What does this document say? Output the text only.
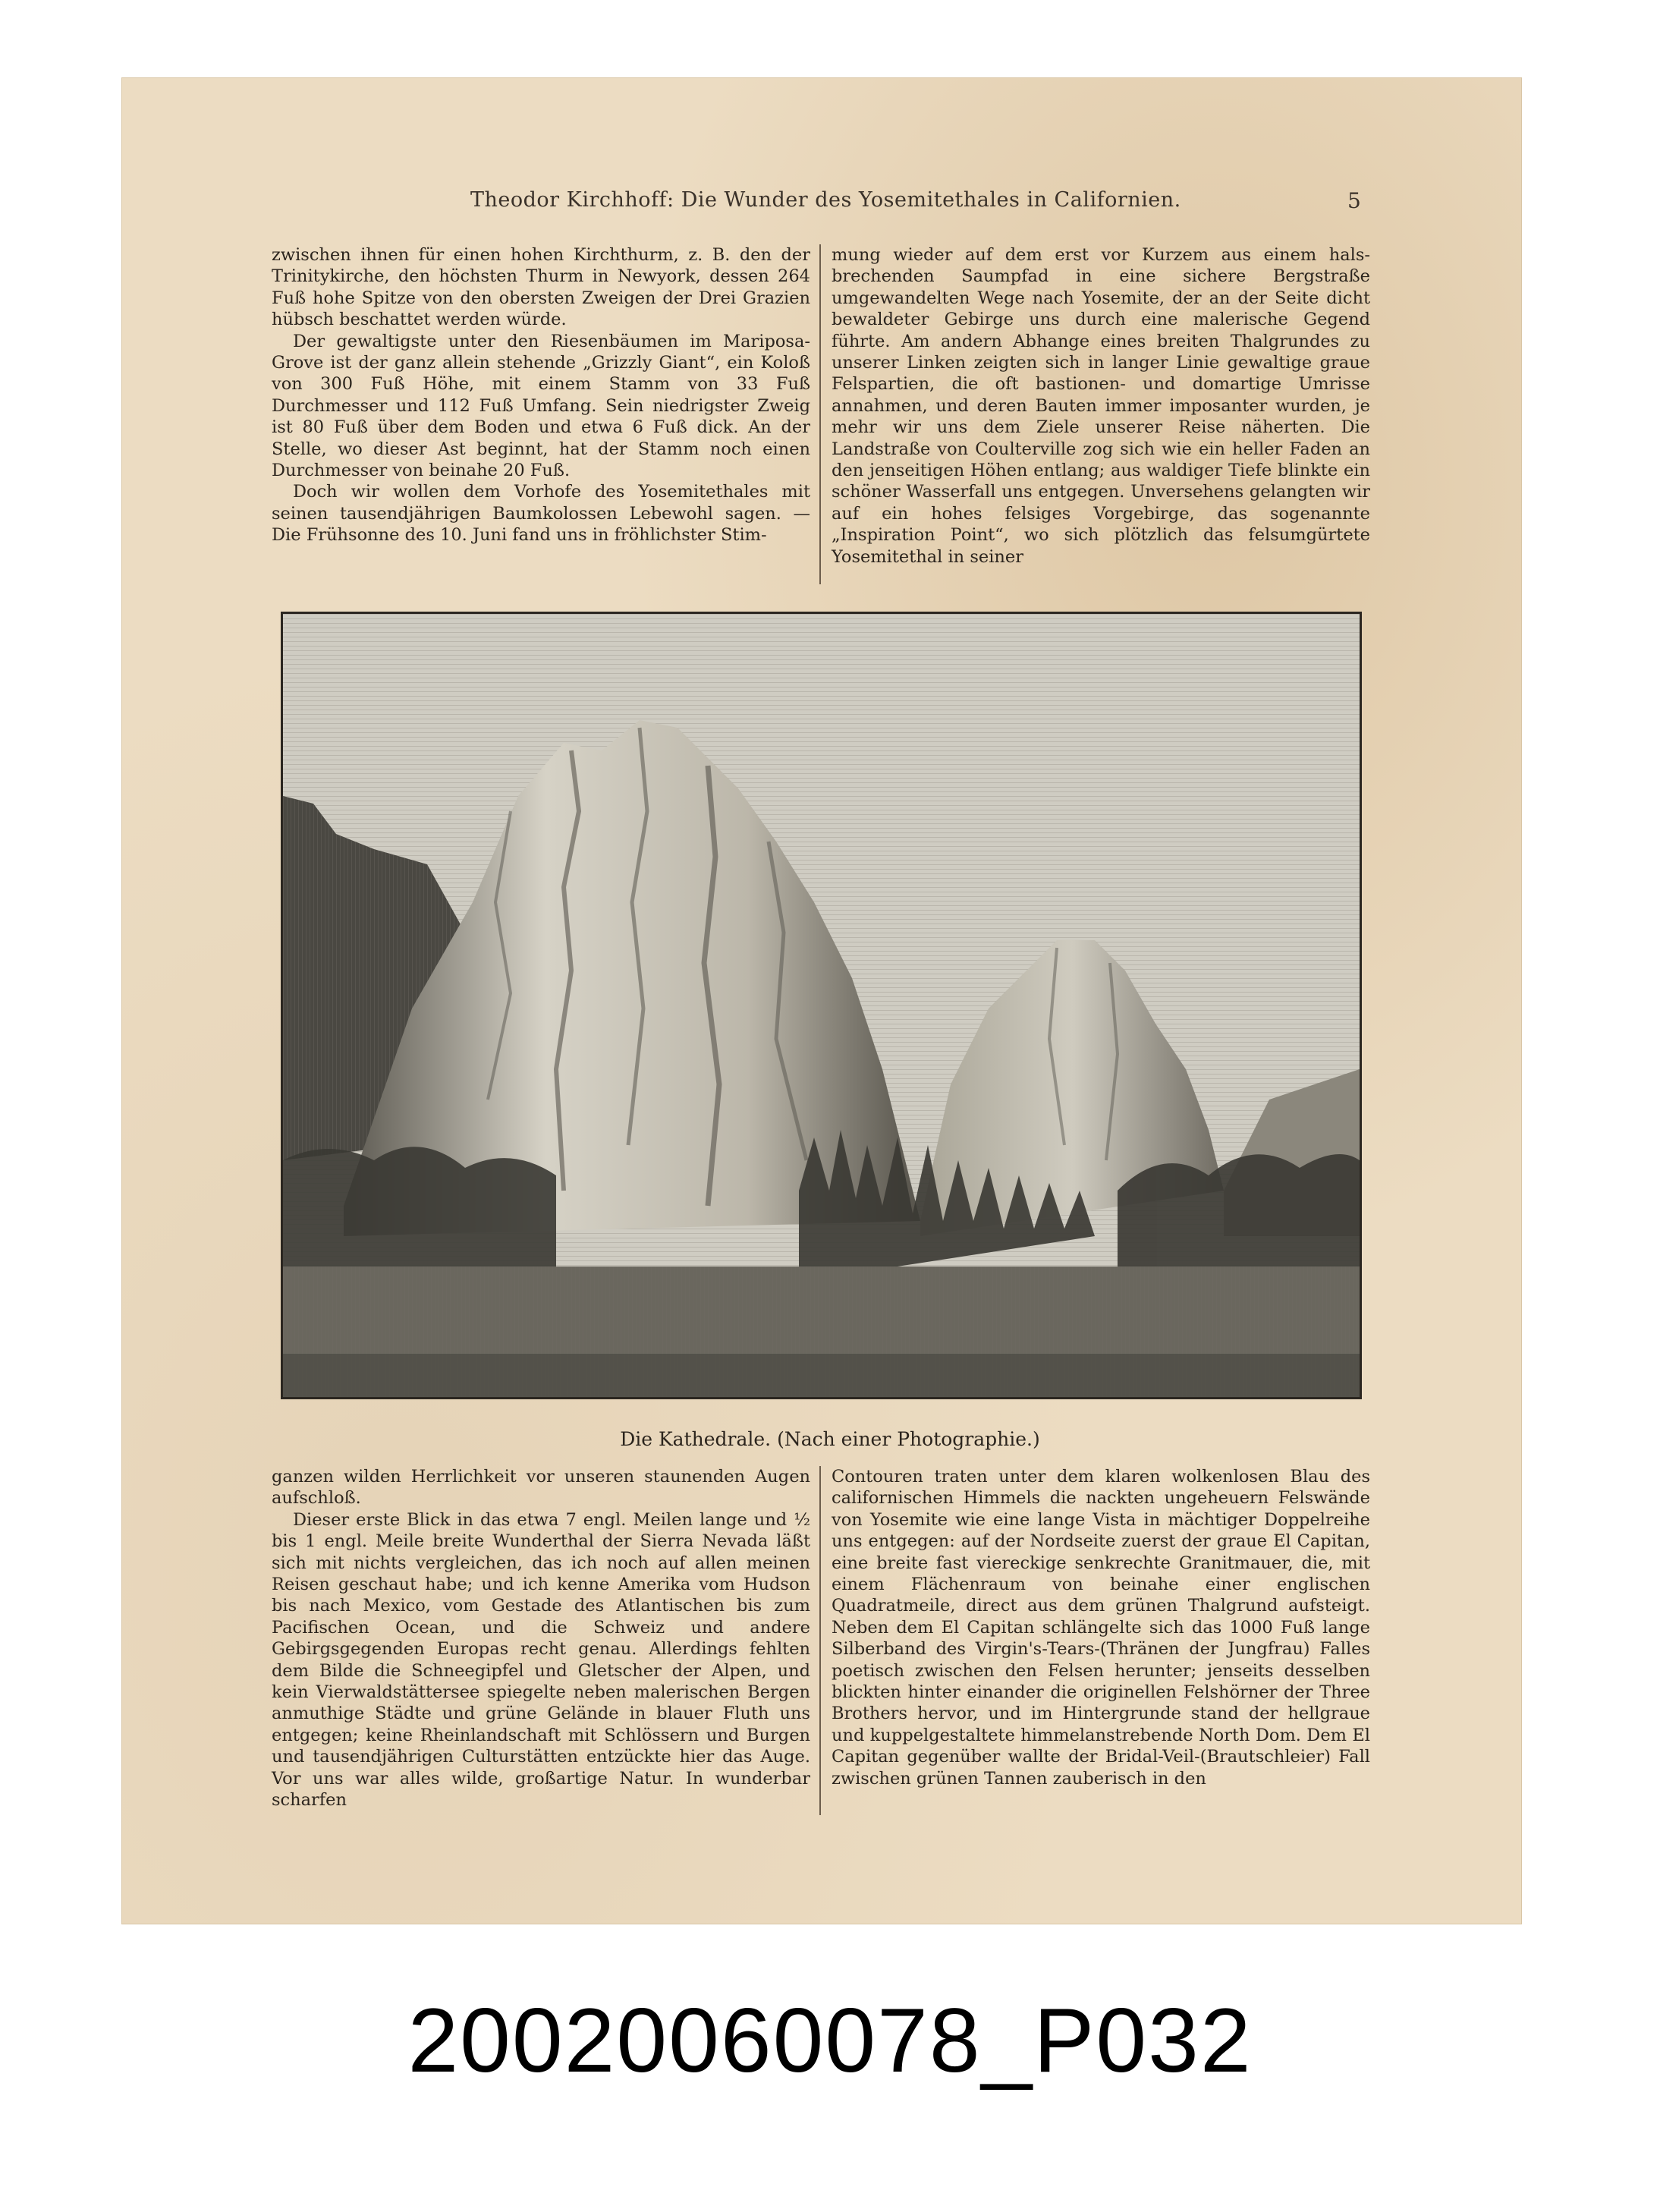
Theodor Kirchhoff: Die Wunder des Yosemitethales in Californien.	5

zwischen ihnen für einen hohen Kirchthurm, z. B. den der Trinitykirche, den höchsten Thurm in Newyork, dessen 264 Fuß hohe Spitze von den obersten Zweigen der Drei Grazien hübsch beschattet werden würde.

Der gewaltigste unter den Riesenbäumen im Mariposa-Grove ist der ganz allein stehende „Grizzly Giant“, ein Koloß von 300 Fuß Höhe, mit einem Stamm von 33 Fuß Durchmesser und 112 Fuß Umfang. Sein niedrigster Zweig ist 80 Fuß über dem Boden und etwa 6 Fuß dick. An der Stelle, wo dieser Ast beginnt, hat der Stamm noch einen Durchmesser von beinahe 20 Fuß.

Doch wir wollen dem Vorhofe des Yosemitethales mit seinen tausendjährigen Baumkolossen Lebewohl sagen. — Die Frühsonne des 10. Juni fand uns in fröhlichster Stim-

mung wieder auf dem erst vor Kurzem aus einem hals-brechenden Saumpfad in eine sichere Bergstraße umgewandelten Wege nach Yosemite, der an der Seite dicht bewaldeter Gebirge uns durch eine malerische Gegend führte. Am andern Abhange eines breiten Thalgrundes zu unserer Linken zeigten sich in langer Linie gewaltige graue Felspartien, die oft bastionen- und domartige Umrisse annahmen, und deren Bauten immer imposanter wurden, je mehr wir uns dem Ziele unserer Reise näherten. Die Landstraße von Coulterville zog sich wie ein heller Faden an den jenseitigen Höhen entlang; aus waldiger Tiefe blinkte ein schöner Wasserfall uns entgegen. Unversehens gelangten wir auf ein hohes felsiges Vorgebirge, das sogenannte „Inspiration Point“, wo sich plötzlich das felsumgürtete Yosemitethal in seiner

Die Kathedrale. (Nach einer Photographie.)

ganzen wilden Herrlichkeit vor unseren staunenden Augen aufschloß.

Dieser erste Blick in das etwa 7 engl. Meilen lange und ½ bis 1 engl. Meile breite Wunderthal der Sierra Nevada läßt sich mit nichts vergleichen, das ich noch auf allen meinen Reisen geschaut habe; und ich kenne Amerika vom Hudson bis nach Mexico, vom Gestade des Atlantischen bis zum Pacifischen Ocean, und die Schweiz und andere Gebirgsgegenden Europas recht genau. Allerdings fehlten dem Bilde die Schneegipfel und Gletscher der Alpen, und kein Vierwaldstättersee spiegelte neben malerischen Bergen anmuthige Städte und grüne Gelände in blauer Fluth uns entgegen; keine Rheinlandschaft mit Schlössern und Burgen und tausendjährigen Culturstätten entzückte hier das Auge. Vor uns war alles wilde, großartige Natur. In wunderbar scharfen

Contouren traten unter dem klaren wolkenlosen Blau des californischen Himmels die nackten ungeheuern Felswände von Yosemite wie eine lange Vista in mächtiger Doppelreihe uns entgegen: auf der Nordseite zuerst der graue El Capitan, eine breite fast viereckige senkrechte Granitmauer, die, mit einem Flächenraum von beinahe einer englischen Quadratmeile, direct aus dem grünen Thalgrund aufsteigt. Neben dem El Capitan schlängelte sich das 1000 Fuß lange Silberband des Virgin's-Tears-(Thränen der Jungfrau) Falles poetisch zwischen den Felsen herunter; jenseits desselben blickten hinter einander die originellen Felshörner der Three Brothers hervor, und im Hintergrunde stand der hellgraue und kuppelgestaltete himmelanstrebende North Dom. Dem El Capitan gegenüber wallte der Bridal-Veil-(Brautschleier) Fall zwischen grünen Tannen zauberisch in den

20020060078_P032
